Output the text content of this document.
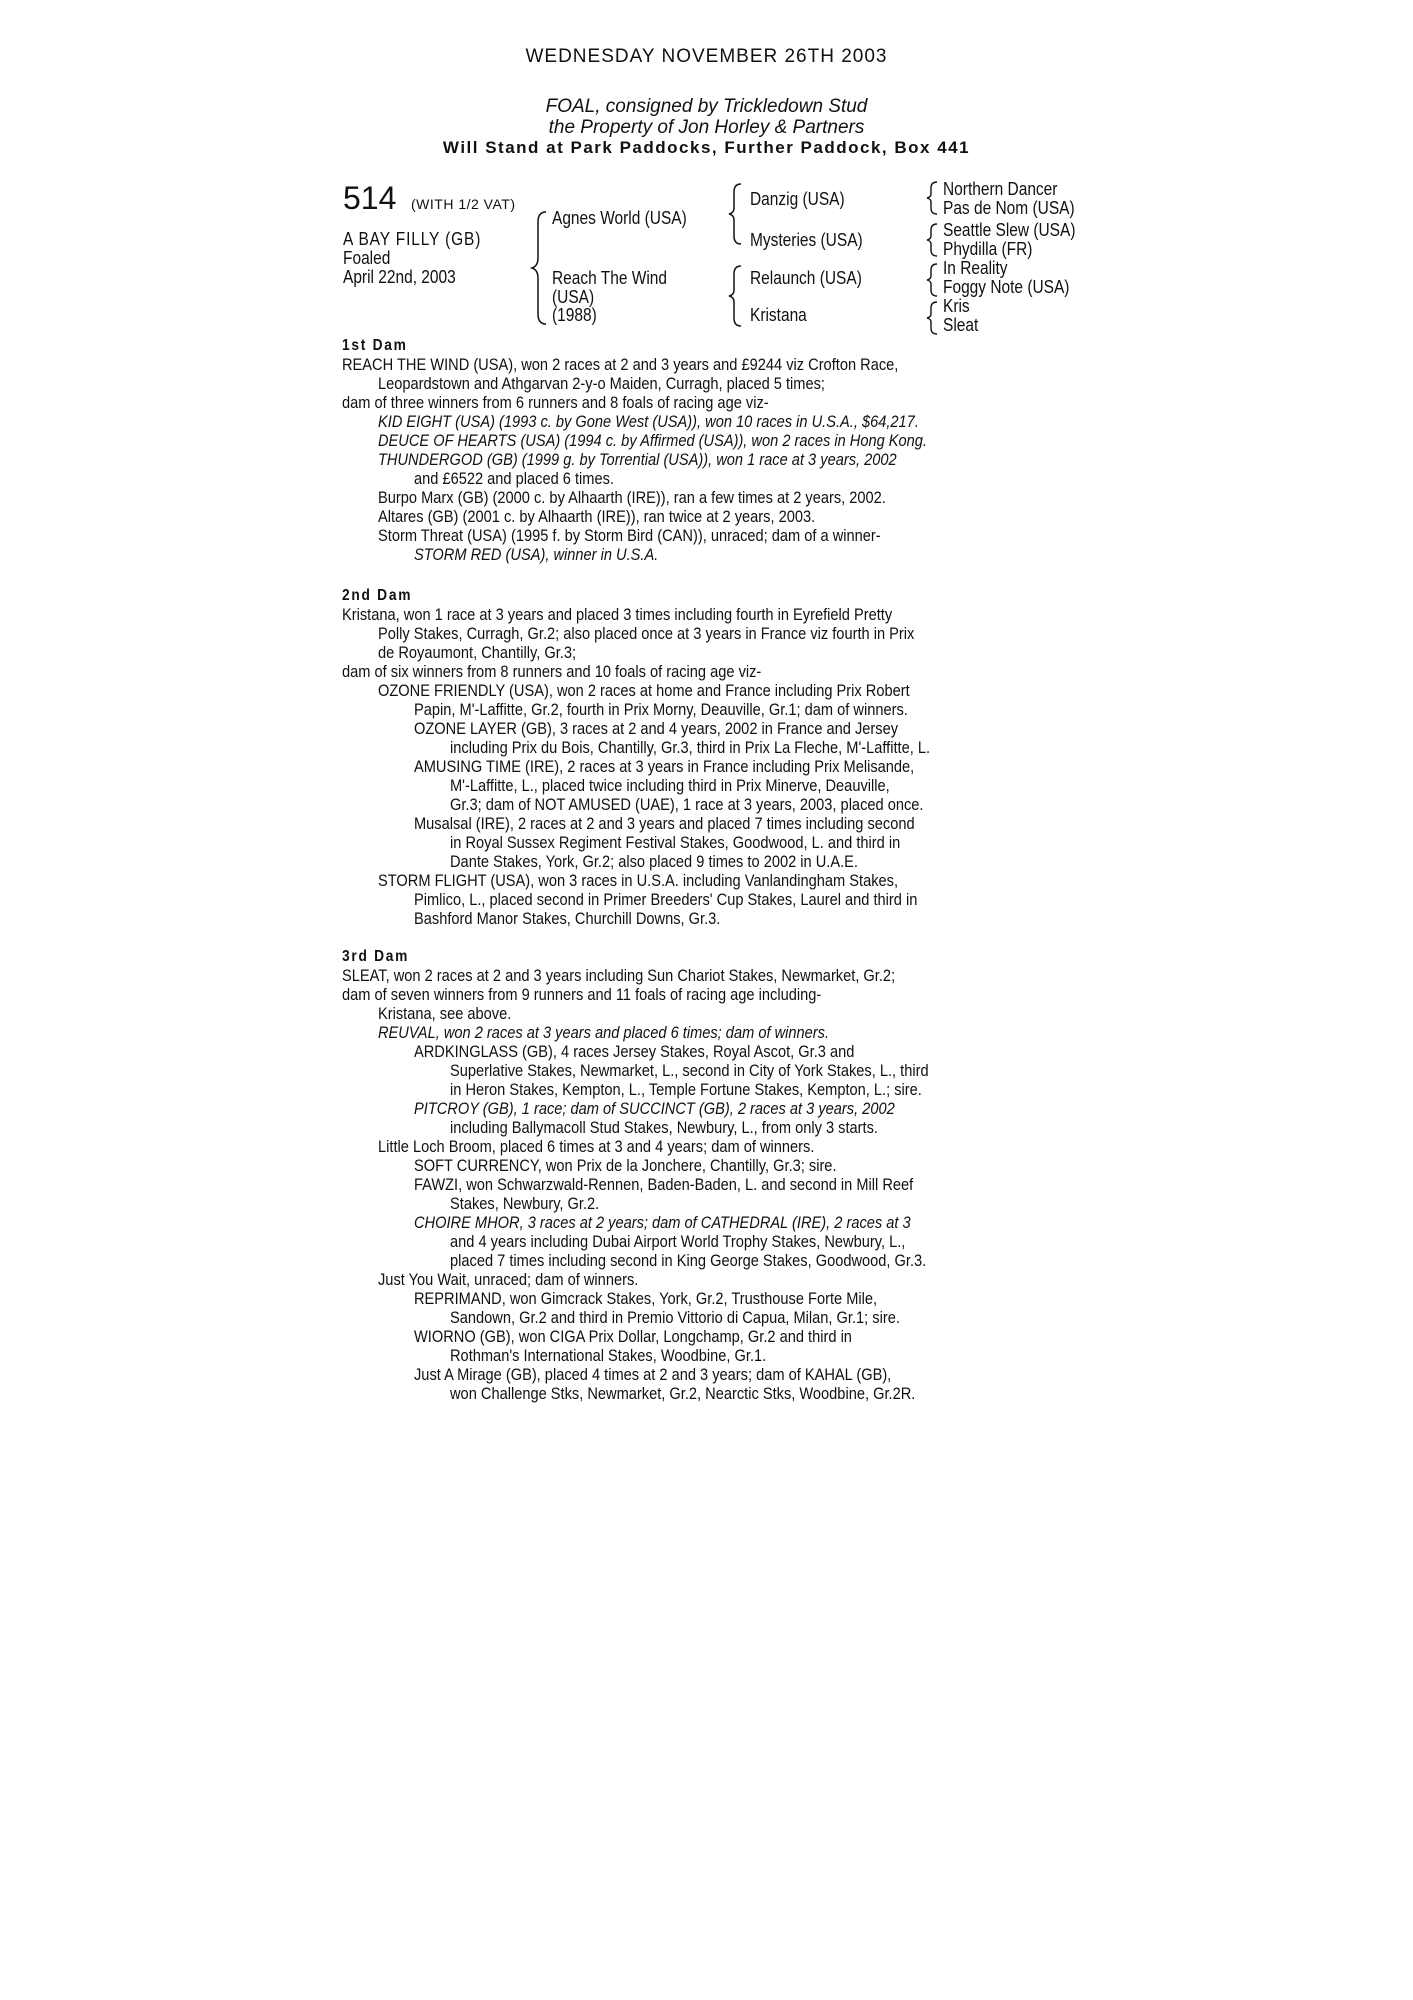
WEDNESDAY NOVEMBER 26TH 2003
FOAL, consigned by Trickledown Stud
the Property of Jon Horley & Partners
Will Stand at Park Paddocks, Further Paddock, Box 441
514 (WITH 1/2 VAT)
A BAY FILLY (GB)
Foaled
April 22nd, 2003
Agnes World (USA)
Reach The Wind
(USA)
(1988)
Danzig (USA)
Mysteries (USA)
Relaunch (USA)
Kristana
Northern Dancer
Pas de Nom (USA)
Seattle Slew (USA)
Phydilla (FR)
In Reality
Foggy Note (USA)
Kris
Sleat
1st Dam
REACH THE WIND (USA), won 2 races at 2 and 3 years and £9244 viz Crofton Race,
Leopardstown and Athgarvan 2-y-o Maiden, Curragh, placed 5 times;
dam of three winners from 6 runners and 8 foals of racing age viz-
KID EIGHT (USA) (1993 c. by Gone West (USA)), won 10 races in U.S.A., $64,217.
DEUCE OF HEARTS (USA) (1994 c. by Affirmed (USA)), won 2 races in Hong Kong.
THUNDERGOD (GB) (1999 g. by Torrential (USA)), won 1 race at 3 years, 2002
and £6522 and placed 6 times.
Burpo Marx (GB) (2000 c. by Alhaarth (IRE)), ran a few times at 2 years, 2002.
Altares (GB) (2001 c. by Alhaarth (IRE)), ran twice at 2 years, 2003.
Storm Threat (USA) (1995 f. by Storm Bird (CAN)), unraced; dam of a winner-
STORM RED (USA), winner in U.S.A.
2nd Dam
Kristana, won 1 race at 3 years and placed 3 times including fourth in Eyrefield Pretty
Polly Stakes, Curragh, Gr.2; also placed once at 3 years in France viz fourth in Prix
de Royaumont, Chantilly, Gr.3;
dam of six winners from 8 runners and 10 foals of racing age viz-
OZONE FRIENDLY (USA), won 2 races at home and France including Prix Robert
Papin, M'-Laffitte, Gr.2, fourth in Prix Morny, Deauville, Gr.1; dam of winners.
OZONE LAYER (GB), 3 races at 2 and 4 years, 2002 in France and Jersey
including Prix du Bois, Chantilly, Gr.3, third in Prix La Fleche, M'-Laffitte, L.
AMUSING TIME (IRE), 2 races at 3 years in France including Prix Melisande,
M'-Laffitte, L., placed twice including third in Prix Minerve, Deauville,
Gr.3; dam of NOT AMUSED (UAE), 1 race at 3 years, 2003, placed once.
Musalsal (IRE), 2 races at 2 and 3 years and placed 7 times including second
in Royal Sussex Regiment Festival Stakes, Goodwood, L. and third in
Dante Stakes, York, Gr.2; also placed 9 times to 2002 in U.A.E.
STORM FLIGHT (USA), won 3 races in U.S.A. including Vanlandingham Stakes,
Pimlico, L., placed second in Primer Breeders' Cup Stakes, Laurel and third in
Bashford Manor Stakes, Churchill Downs, Gr.3.
3rd Dam
SLEAT, won 2 races at 2 and 3 years including Sun Chariot Stakes, Newmarket, Gr.2;
dam of seven winners from 9 runners and 11 foals of racing age including-
Kristana, see above.
REUVAL, won 2 races at 3 years and placed 6 times; dam of winners.
ARDKINGLASS (GB), 4 races Jersey Stakes, Royal Ascot, Gr.3 and
Superlative Stakes, Newmarket, L., second in City of York Stakes, L., third
in Heron Stakes, Kempton, L., Temple Fortune Stakes, Kempton, L.; sire.
PITCROY (GB), 1 race; dam of SUCCINCT (GB), 2 races at 3 years, 2002
including Ballymacoll Stud Stakes, Newbury, L., from only 3 starts.
Little Loch Broom, placed 6 times at 3 and 4 years; dam of winners.
SOFT CURRENCY, won Prix de la Jonchere, Chantilly, Gr.3; sire.
FAWZI, won Schwarzwald-Rennen, Baden-Baden, L. and second in Mill Reef
Stakes, Newbury, Gr.2.
CHOIRE MHOR, 3 races at 2 years; dam of CATHEDRAL (IRE), 2 races at 3
and 4 years including Dubai Airport World Trophy Stakes, Newbury, L.,
placed 7 times including second in King George Stakes, Goodwood, Gr.3.
Just You Wait, unraced; dam of winners.
REPRIMAND, won Gimcrack Stakes, York, Gr.2, Trusthouse Forte Mile,
Sandown, Gr.2 and third in Premio Vittorio di Capua, Milan, Gr.1; sire.
WIORNO (GB), won CIGA Prix Dollar, Longchamp, Gr.2 and third in
Rothman's International Stakes, Woodbine, Gr.1.
Just A Mirage (GB), placed 4 times at 2 and 3 years; dam of KAHAL (GB),
won Challenge Stks, Newmarket, Gr.2, Nearctic Stks, Woodbine, Gr.2R.
